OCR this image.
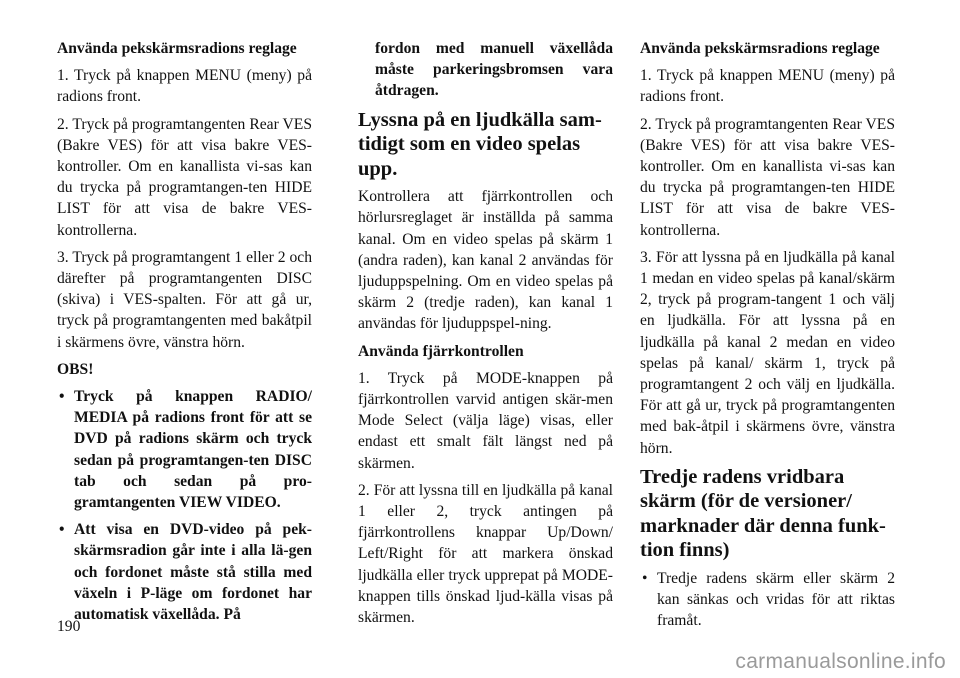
Använda pekskärmsradions reglage

1. Tryck på knappen MENU (meny) på radions front.

2. Tryck på programtangenten Rear VES (Bakre VES) för att visa bakre VES-kontroller. Om en kanallista vi-sas kan du trycka på programtangen-ten HIDE LIST för att visa de bakre VES-kontrollerna.

3. Tryck på programtangent 1 eller 2 och därefter på programtangenten DISC (skiva) i VES-spalten. För att gå ur, tryck på programtangenten med bakåtpil i skärmens övre, vänstra hörn.

OBS!

• Tryck på knappen RADIO/ MEDIA på radions front för att se DVD på radions skärm och tryck sedan på programtangen-ten DISC tab och sedan på pro-gramtangenten VIEW VIDEO.
• Att visa en DVD-video på pek-skärmsradion går inte i alla lä-gen och fordonet måste stå stilla med växeln i P-läge om fordonet har automatisk växellåda. På

fordon med manuell växellåda måste parkeringsbromsen vara åtdragen.

Lyssna på en ljudkälla sam-tidigt som en video spelas upp.

Kontrollera att fjärrkontrollen och hörlursreglaget är inställda på samma kanal. Om en video spelas på skärm 1 (andra raden), kan kanal 2 användas för ljuduppspelning. Om en video spelas på skärm 2 (tredje raden), kan kanal 1 användas för ljuduppspel-ning.

Använda fjärrkontrollen

1. Tryck på MODE-knappen på fjärrkontrollen varvid antigen skär-men Mode Select (välja läge) visas, eller endast ett smalt fält längst ned på skärmen.

2. För att lyssna till en ljudkälla på kanal 1 eller 2, tryck antingen på fjärrkontrollens knappar Up/Down/ Left/Right för att markera önskad ljudkälla eller tryck upprepat på MODE-knappen tills önskad ljud-källa visas på skärmen.

Använda pekskärmsradions reglage

1. Tryck på knappen MENU (meny) på radions front.

2. Tryck på programtangenten Rear VES (Bakre VES) för att visa bakre VES-kontroller. Om en kanallista vi-sas kan du trycka på programtangen-ten HIDE LIST för att visa de bakre VES-kontrollerna.

3. För att lyssna på en ljudkälla på kanal 1 medan en video spelas på kanal/skärm 2, tryck på program-tangent 1 och välj en ljudkälla. För att lyssna på en ljudkälla på kanal 2 medan en video spelas på kanal/ skärm 1, tryck på programtangent 2 och välj en ljudkälla. För att gå ur, tryck på programtangenten med bak-åtpil i skärmens övre, vänstra hörn.

Tredje radens vridbara skärm (för de versioner/ marknader där denna funk-tion finns)
• Tredje radens skärm eller skärm 2 kan sänkas och vridas för att riktas framåt.
190
carmanualsonline.info
